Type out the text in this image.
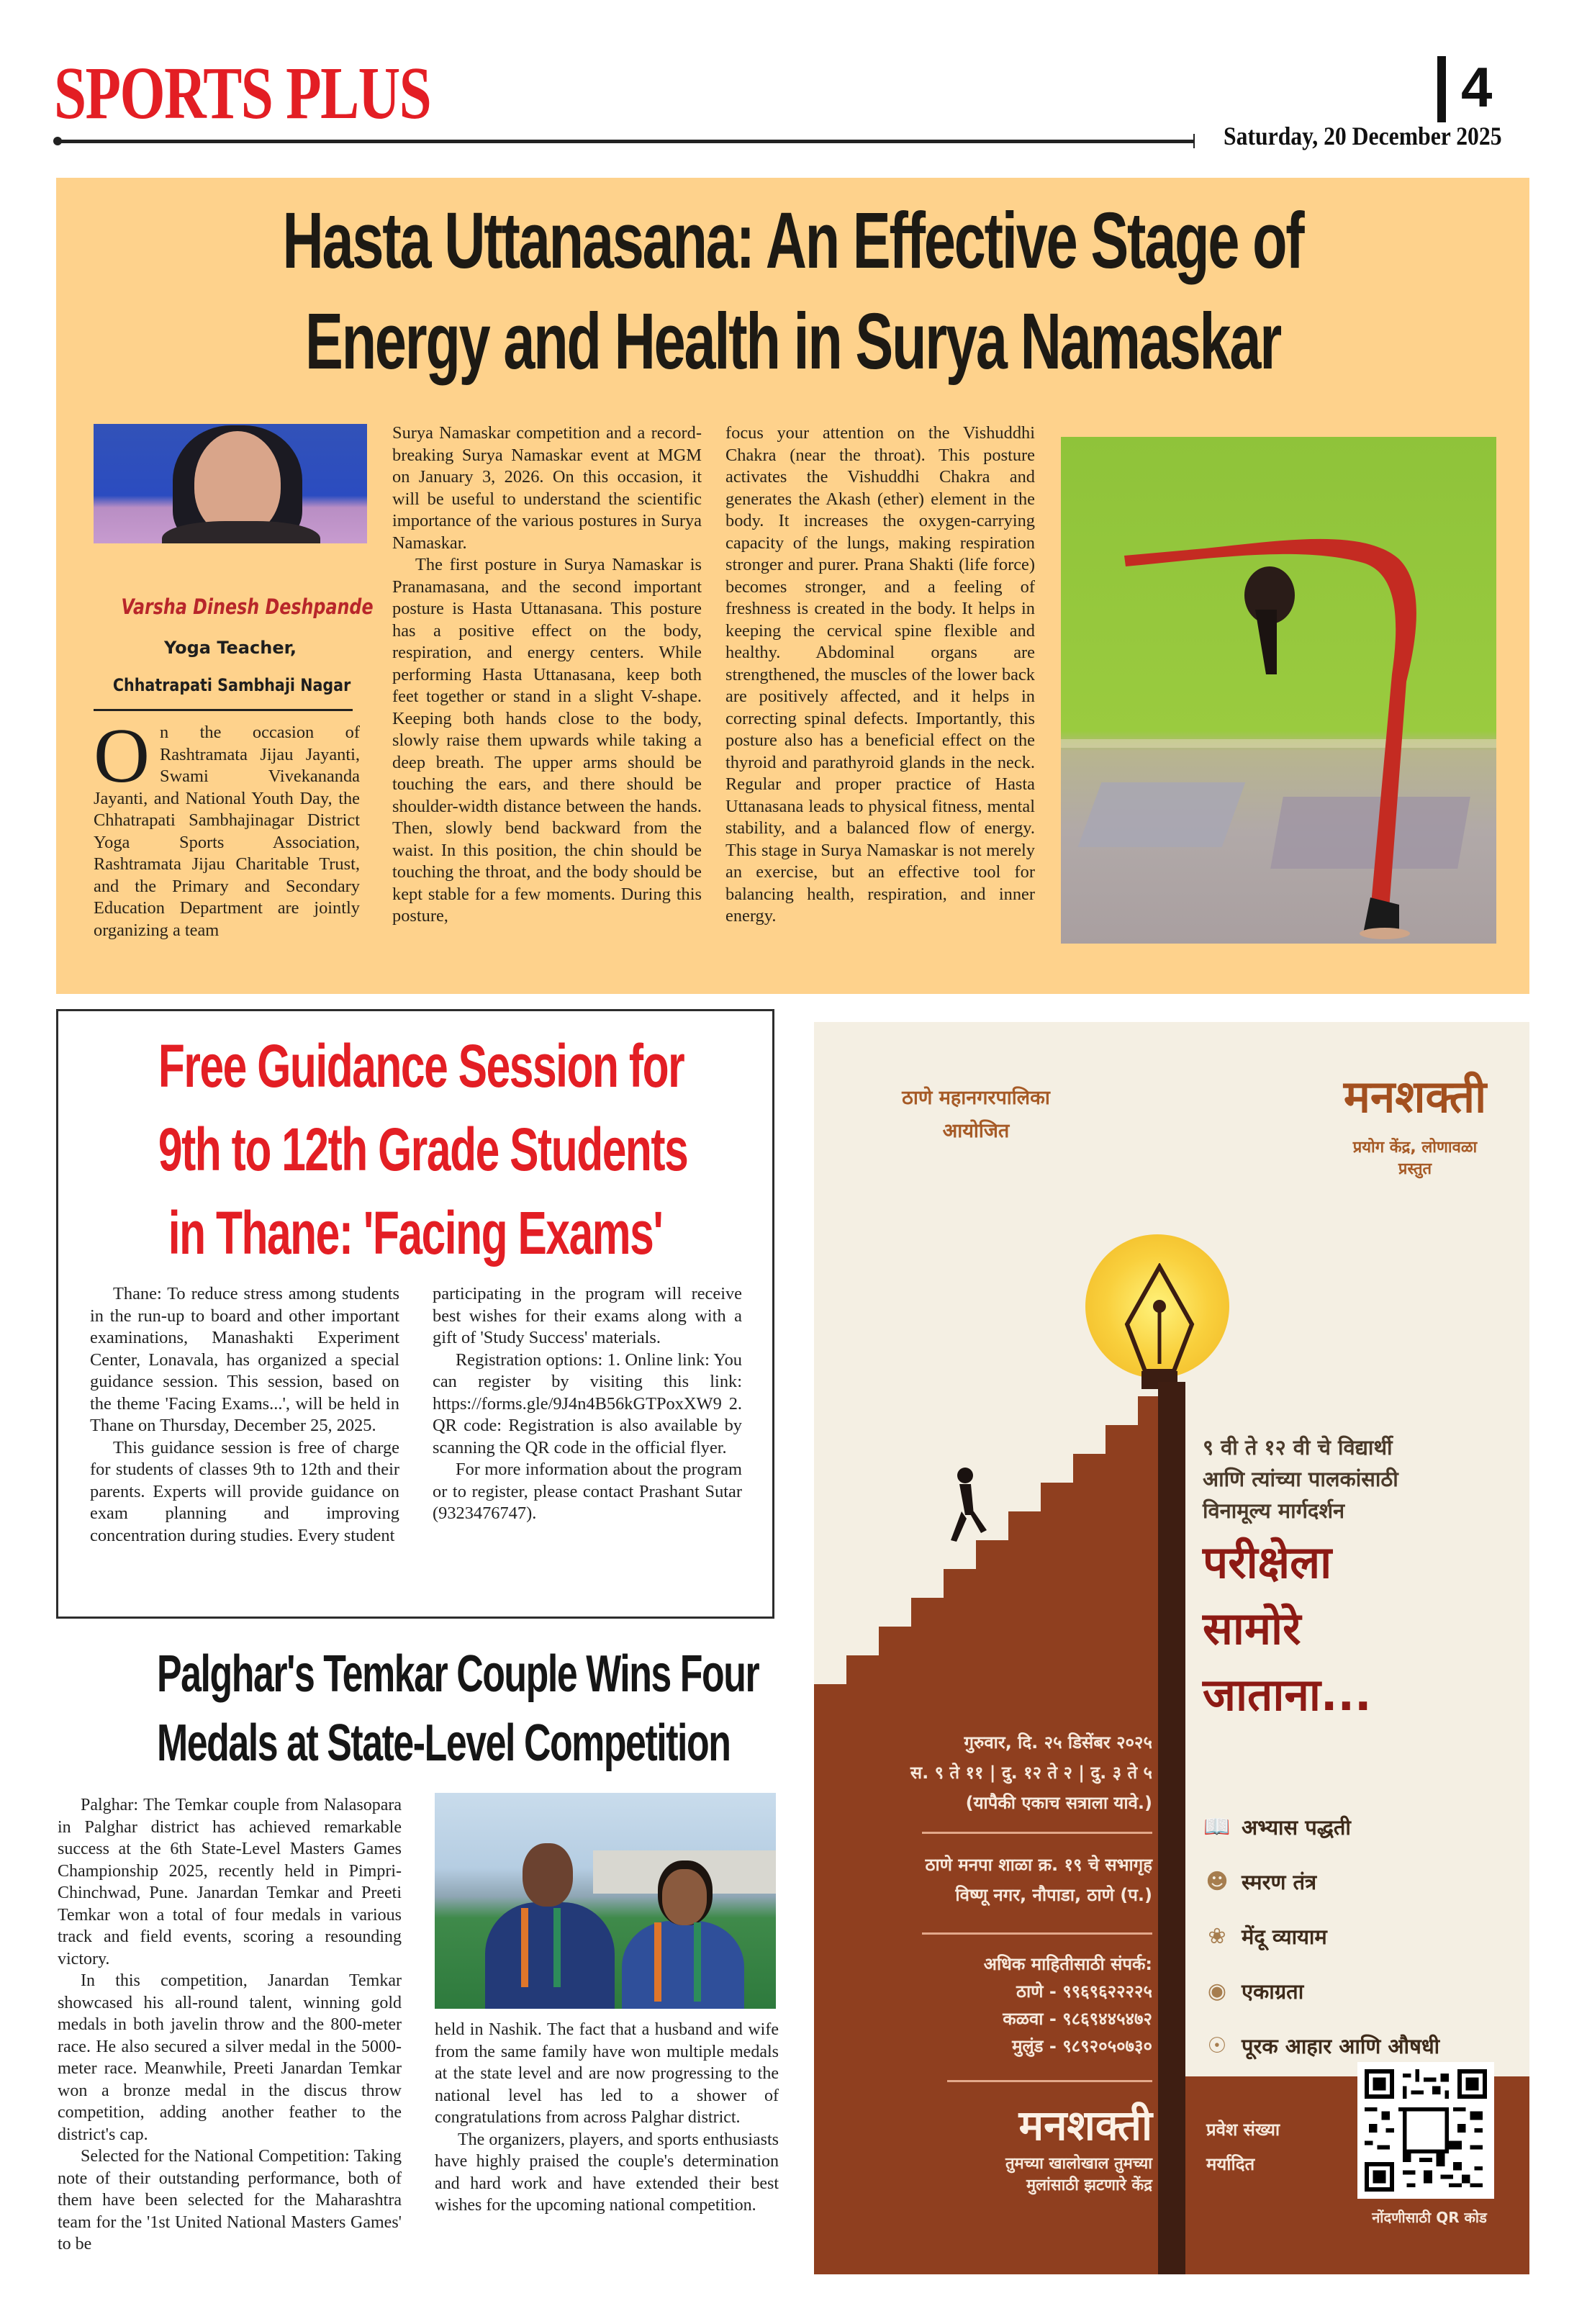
SPORTS PLUS	4
Saturday, 20 December 2025
Hasta Uttanasana: An Effective Stage of
Energy and Health in Surya Namaskar
Varsha Dinesh Deshpande
Yoga Teacher,
Chhatrapati Sambhaji Nagar

On the occasion of Rashtramata Jijau Jayanti, Swami Vivekananda Jayanti, and National Youth Day, the Chhatrapati Sambhajinagar District Yoga Sports Association, Rashtramata Jijau Charitable Trust, and the Primary and Secondary Education Department are jointly organizing a team

Surya Namaskar competition and a record-breaking Surya Namaskar event at MGM on January 3, 2026. On this occasion, it will be useful to understand the scientific importance of the various postures in Surya Namaskar.

The first posture in Surya Namaskar is Pranamasana, and the second important posture is Hasta Uttanasana. This posture has a positive effect on the body, respiration, and energy centers. While performing Hasta Uttanasana, keep both feet together or stand in a slight V-shape. Keeping both hands close to the body, slowly raise them upwards while taking a deep breath. The upper arms should be touching the ears, and there should be shoulder-width distance between the hands. Then, slowly bend backward from the waist. In this position, the chin should be touching the throat, and the body should be kept stable for a few moments. During this posture,

focus your attention on the Vishuddhi Chakra (near the throat). This posture activates the Vishuddhi Chakra and generates the Akash (ether) element in the body. It increases the oxygen-carrying capacity of the lungs, making respiration stronger and purer. Prana Shakti (life force) becomes stronger, and a feeling of freshness is created in the body. It helps in keeping the cervical spine flexible and healthy. Abdominal organs are strengthened, the muscles of the lower back are positively affected, and it helps in correcting spinal defects. Importantly, this posture also has a beneficial effect on the thyroid and parathyroid glands in the neck. Regular and proper practice of Hasta Uttanasana leads to physical fitness, mental stability, and a balanced flow of energy. This stage in Surya Namaskar is not merely an exercise, but an effective tool for balancing health, respiration, and inner energy.

Free Guidance Session for
9th to 12th Grade Students
in Thane: 'Facing Exams'

Thane: To reduce stress among students in the run-up to board and other important examinations, Manashakti Experiment Center, Lonavala, has organized a special guidance session. This session, based on the theme 'Facing Exams...', will be held in Thane on Thursday, December 25, 2025.

This guidance session is free of charge for students of classes 9th to 12th and their parents. Experts will provide guidance on exam planning and improving concentration during studies. Every student

participating in the program will receive best wishes for their exams along with a gift of 'Study Success' materials.

Registration options: 1. Online link: You can register by visiting this link: https://forms.gle/9J4n4B56kGTPoxXW9 2. QR code: Registration is also available by scanning the QR code in the official flyer.

For more information about the program or to register, please contact Prashant Sutar (9323476747).

Palghar's Temkar Couple Wins Four
Medals at State-Level Competition

Palghar: The Temkar couple from Nalasopara in Palghar district has achieved remarkable success at the 6th State-Level Masters Games Championship 2025, recently held in Pimpri-Chinchwad, Pune. Janardan Temkar and Preeti Temkar won a total of four medals in various track and field events, scoring a resounding victory.

In this competition, Janardan Temkar showcased his all-round talent, winning gold medals in both javelin throw and the 800-meter race. He also secured a silver medal in the 5000-meter race. Meanwhile, Preeti Janardan Temkar won a bronze medal in the discus throw competition, adding another feather to the district's cap.

Selected for the National Competition: Taking note of their outstanding performance, both of them have been selected for the Maharashtra team for the '1st United National Masters Games' to be

held in Nashik. The fact that a husband and wife from the same family have won multiple medals at the state level and are now progressing to the national level has led to a shower of congratulations from across Palghar district.

The organizers, players, and sports enthusiasts have highly praised the couple's determination and hard work and have extended their best wishes for the upcoming national competition.

ठाणे महानगरपालिका
आयोजित
मनशक्ती
प्रयोग केंद्र, लोणावळा
प्रस्तुत
९ वी ते १२ वी चे विद्यार्थी
आणि त्यांच्या पालकांसाठी
विनामूल्य मार्गदर्शन
परीक्षेला
सामोरे
जाताना...
📖 अभ्यास पद्धती
☻ स्मरण तंत्र
❀ मेंदू व्यायाम
◉ एकाग्रता
☉ पूरक आहार आणि औषधी
गुरुवार, दि. २५ डिसेंबर २०२५
स. ९ ते ११ | दु. १२ ते २ | दु. ३ ते ५
(यापैकी एकाच सत्राला यावे.)
ठाणे मनपा शाळा क्र. १९ चे सभागृह
विष्णू नगर, नौपाडा, ठाणे (प.)
अधिक माहितीसाठी संपर्क:
ठाणे - ९९६९६२२२२५
कळवा - ९८६९४४५४७२
मुलुंड - ९८९२०५०७३०
मनशक्ती
तुमच्या खालोखाल तुमच्या
मुलांसाठी झटणारे केंद्र
प्रवेश संख्या
मर्यादित
नोंदणीसाठी QR कोड
